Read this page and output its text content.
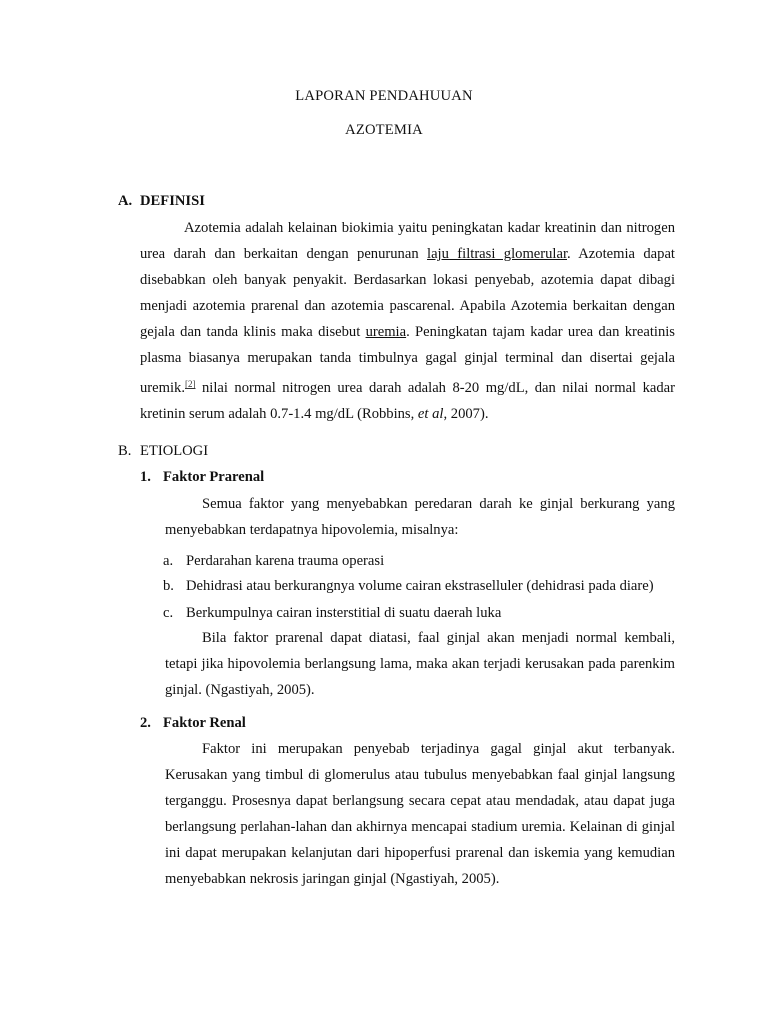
LAPORAN PENDAHUUAN
AZOTEMIA
A. DEFINISI
Azotemia adalah kelainan biokimia yaitu peningkatan kadar kreatinin dan nitrogen urea darah dan berkaitan dengan penurunan laju filtrasi glomerular. Azotemia dapat disebabkan oleh banyak penyakit. Berdasarkan lokasi penyebab, azotemia dapat dibagi menjadi azotemia prarenal dan azotemia pascarenal. Apabila Azotemia berkaitan dengan gejala dan tanda klinis maka disebut uremia. Peningkatan tajam kadar urea dan kreatinis plasma biasanya merupakan tanda timbulnya gagal ginjal terminal dan disertai gejala uremik.[2] nilai normal nitrogen urea darah adalah 8-20 mg/dL, dan nilai normal kadar kretinin serum adalah 0.7-1.4 mg/dL (Robbins, et al, 2007).
B. ETIOLOGI
1. Faktor Prarenal
Semua faktor yang menyebabkan peredaran darah ke ginjal berkurang yang menyebabkan terdapatnya hipovolemia, misalnya:
a. Perdarahan karena trauma operasi
b. Dehidrasi atau berkurangnya volume cairan ekstraselluler (dehidrasi pada diare)
c. Berkumpulnya cairan insterstitial di suatu daerah luka
Bila faktor prarenal dapat diatasi, faal ginjal akan menjadi normal kembali, tetapi jika hipovolemia berlangsung lama, maka akan terjadi kerusakan pada parenkim ginjal. (Ngastiyah, 2005).
2. Faktor Renal
Faktor ini merupakan penyebab terjadinya gagal ginjal akut terbanyak. Kerusakan yang timbul di glomerulus atau tubulus menyebabkan faal ginjal langsung terganggu. Prosesnya dapat berlangsung secara cepat atau mendadak, atau dapat juga berlangsung perlahan-lahan dan akhirnya mencapai stadium uremia. Kelainan di ginjal ini dapat merupakan kelanjutan dari hipoperfusi prarenal dan iskemia yang kemudian menyebabkan nekrosis jaringan ginjal (Ngastiyah, 2005).
